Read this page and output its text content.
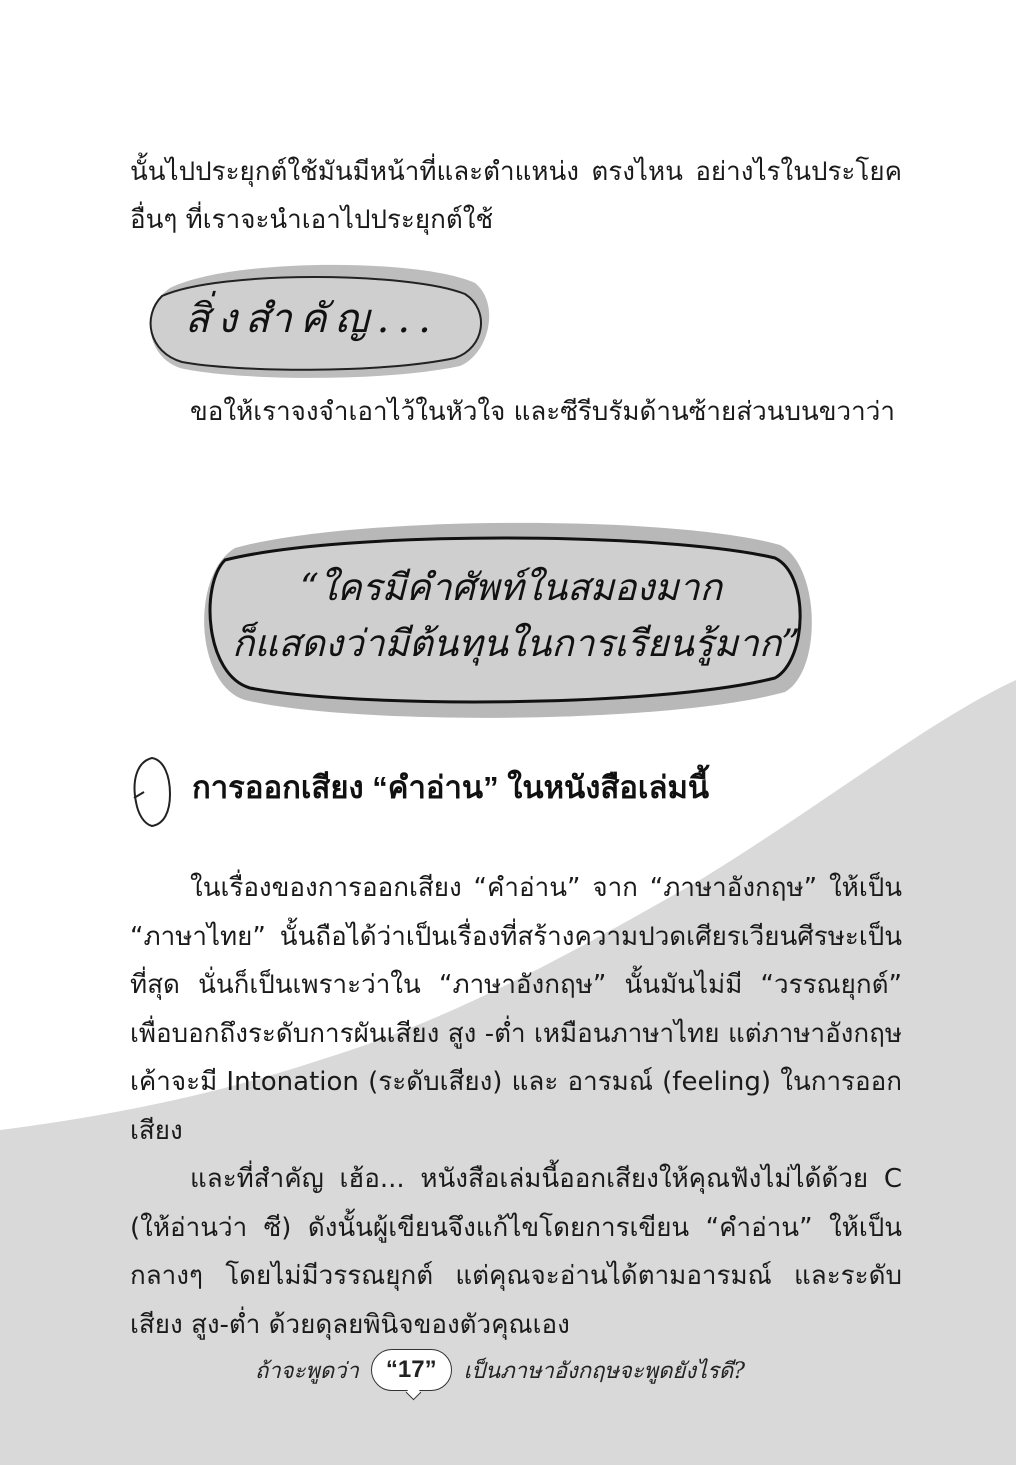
นั้นไปประยุกต์ใช้มันมีหน้าที่และตำแหน่ง ตรงไหน อย่างไรในประโยค

อื่นๆ ที่เราจะนำเอาไปประยุกต์ใช้

สิ่งสำคัญ...

ขอให้เราจงจำเอาไว้ในหัวใจ และซีรีบรัมด้านซ้ายส่วนบนขวาว่า

“ใครมีคำศัพท์ในสมองมาก
ก็แสดงว่ามีต้นทุนในการเรียนรู้มาก”
การออกเสียง “คำอ่าน” ในหนังสือเล่มนี้

ในเรื่องของการออกเสียง “คำอ่าน” จาก “ภาษาอังกฤษ” ให้เป็น “ภาษาไทย” นั้นถือได้ว่าเป็นเรื่องที่สร้างความปวดเศียรเวียนศีรษะเป็นที่สุด นั่นก็เป็นเพราะว่าใน “ภาษาอังกฤษ” นั้นมันไม่มี “วรรณยุกต์” เพื่อบอกถึงระดับการผันเสียง สูง -ต่ำ เหมือนภาษาไทย แต่ภาษาอังกฤษเค้าจะมี Intonation (ระดับเสียง) และ อารมณ์ (feeling) ในการออกเสียง

และที่สำคัญ เฮ้อ... หนังสือเล่มนี้ออกเสียงให้คุณฟังไม่ได้ด้วย C (ให้อ่านว่า ซี) ดังนั้นผู้เขียนจึงแก้ไขโดยการเขียน “คำอ่าน” ให้เป็น กลางๆ โดยไม่มีวรรณยุกต์ แต่คุณจะอ่านได้ตามอารมณ์ และระดับเสียง สูง-ต่ำ ด้วยดุลยพินิจของตัวคุณเอง

ถ้าจะพูดว่า	“17”	เป็นภาษาอังกฤษจะพูดยังไรดี?
